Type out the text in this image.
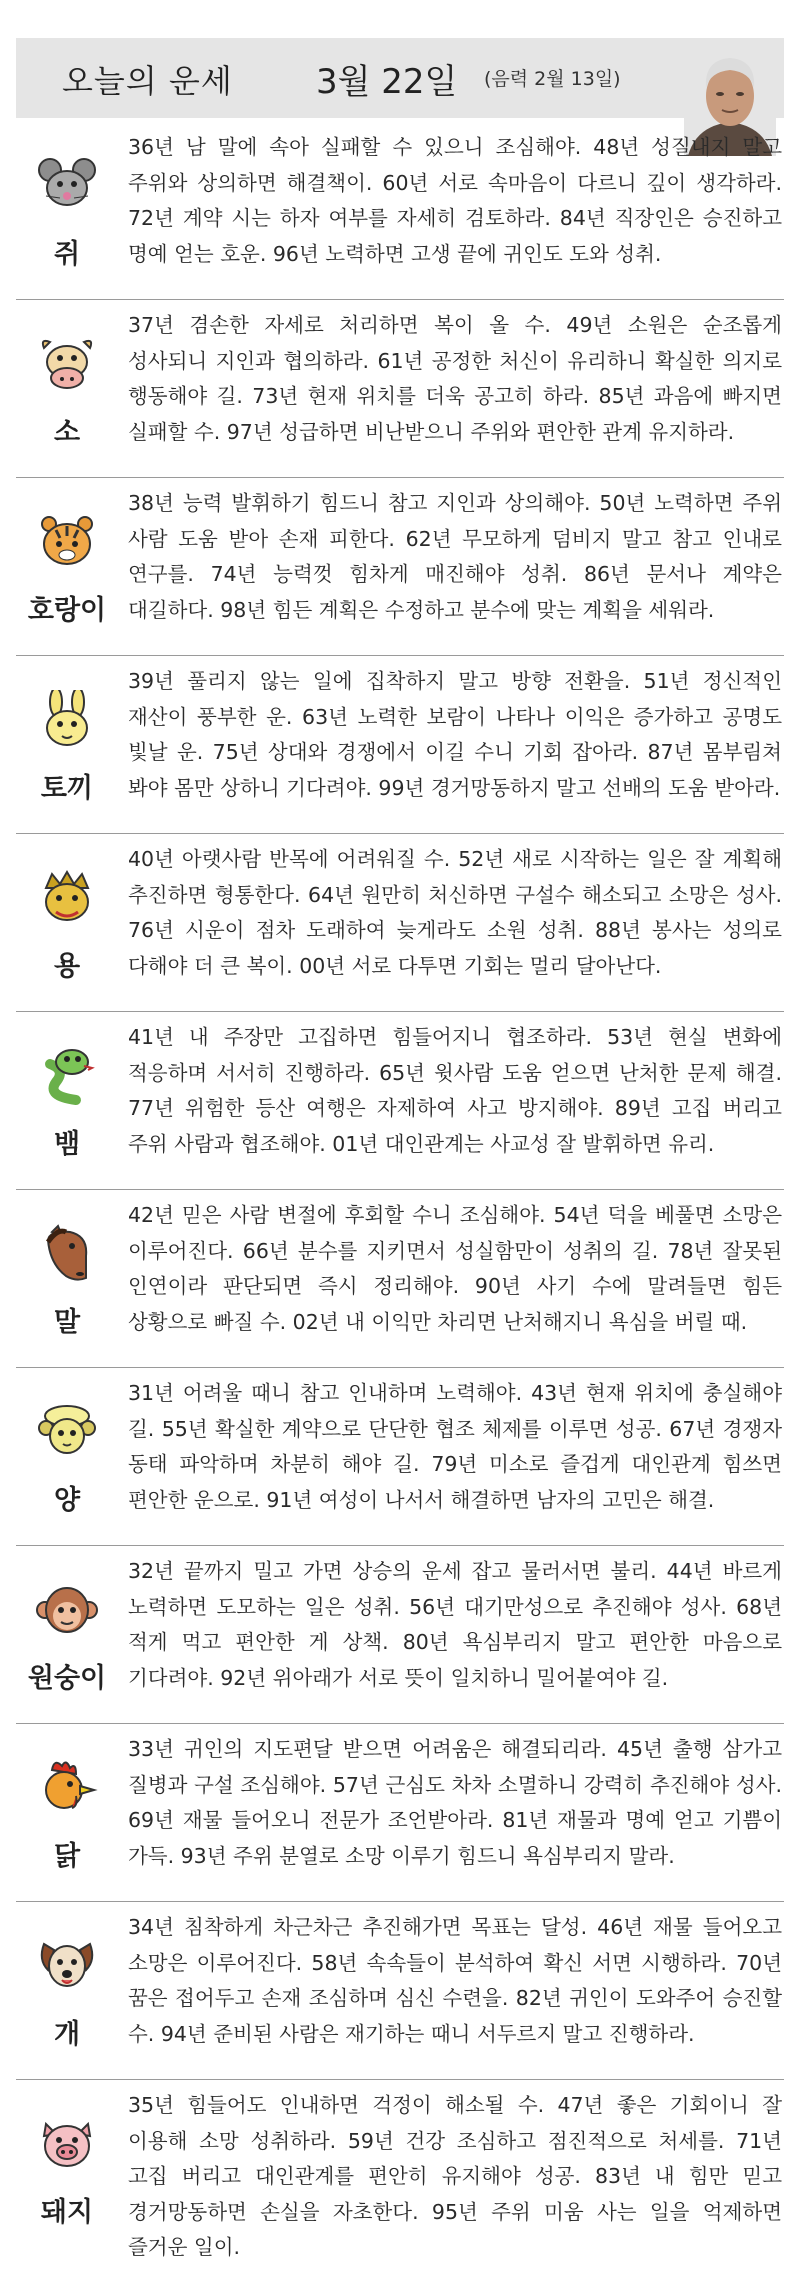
오늘의 운세 3월 22일 (음력 2월 13일)
쥐
36년 남 말에 속아 실패할 수 있으니 조심해야. 48년 성질내지 말고 주위와 상의하면 해결책이. 60년 서로 속마음이 다르니 깊이 생각하라. 72년 계약 시는 하자 여부를 자세히 검토하라. 84년 직장인은 승진하고 명예 얻는 호운. 96년 노력하면 고생 끝에 귀인도 도와 성취.
소
37년 겸손한 자세로 처리하면 복이 올 수. 49년 소원은 순조롭게 성사되니 지인과 협의하라. 61년 공정한 처신이 유리하니 확실한 의지로 행동해야 길. 73년 현재 위치를 더욱 공고히 하라. 85년 과음에 빠지면 실패할 수. 97년 성급하면 비난받으니 주위와 편안한 관계 유지하라.
호랑이
38년 능력 발휘하기 힘드니 참고 지인과 상의해야. 50년 노력하면 주위 사람 도움 받아 손재 피한다. 62년 무모하게 덤비지 말고 참고 인내로 연구를. 74년 능력껏 힘차게 매진해야 성취. 86년 문서나 계약은 대길하다. 98년 힘든 계획은 수정하고 분수에 맞는 계획을 세워라.
토끼
39년 풀리지 않는 일에 집착하지 말고 방향 전환을. 51년 정신적인 재산이 풍부한 운. 63년 노력한 보람이 나타나 이익은 증가하고 공명도 빛날 운. 75년 상대와 경쟁에서 이길 수니 기회 잡아라. 87년 몸부림쳐 봐야 몸만 상하니 기다려야. 99년 경거망동하지 말고 선배의 도움 받아라.
용
40년 아랫사람 반목에 어려워질 수. 52년 새로 시작하는 일은 잘 계획해 추진하면 형통한다. 64년 원만히 처신하면 구설수 해소되고 소망은 성사. 76년 시운이 점차 도래하여 늦게라도 소원 성취. 88년 봉사는 성의로 다해야 더 큰 복이. 00년 서로 다투면 기회는 멀리 달아난다.
뱀
41년 내 주장만 고집하면 힘들어지니 협조하라. 53년 현실 변화에 적응하며 서서히 진행하라. 65년 윗사람 도움 얻으면 난처한 문제 해결. 77년 위험한 등산 여행은 자제하여 사고 방지해야. 89년 고집 버리고 주위 사람과 협조해야. 01년 대인관계는 사교성 잘 발휘하면 유리.
말
42년 믿은 사람 변절에 후회할 수니 조심해야. 54년 덕을 베풀면 소망은 이루어진다. 66년 분수를 지키면서 성실함만이 성취의 길. 78년 잘못된 인연이라 판단되면 즉시 정리해야. 90년 사기 수에 말려들면 힘든 상황으로 빠질 수. 02년 내 이익만 차리면 난처해지니 욕심을 버릴 때.
양
31년 어려울 때니 참고 인내하며 노력해야. 43년 현재 위치에 충실해야 길. 55년 확실한 계약으로 단단한 협조 체제를 이루면 성공. 67년 경쟁자 동태 파악하며 차분히 해야 길. 79년 미소로 즐겁게 대인관계 힘쓰면 편안한 운으로. 91년 여성이 나서서 해결하면 남자의 고민은 해결.
원숭이
32년 끝까지 밀고 가면 상승의 운세 잡고 물러서면 불리. 44년 바르게 노력하면 도모하는 일은 성취. 56년 대기만성으로 추진해야 성사. 68년 적게 먹고 편안한 게 상책. 80년 욕심부리지 말고 편안한 마음으로 기다려야. 92년 위아래가 서로 뜻이 일치하니 밀어붙여야 길.
닭
33년 귀인의 지도편달 받으면 어려움은 해결되리라. 45년 출행 삼가고 질병과 구설 조심해야. 57년 근심도 차차 소멸하니 강력히 추진해야 성사. 69년 재물 들어오니 전문가 조언받아라. 81년 재물과 명예 얻고 기쁨이 가득. 93년 주위 분열로 소망 이루기 힘드니 욕심부리지 말라.
개
34년 침착하게 차근차근 추진해가면 목표는 달성. 46년 재물 들어오고 소망은 이루어진다. 58년 속속들이 분석하여 확신 서면 시행하라. 70년 꿈은 접어두고 손재 조심하며 심신 수련을. 82년 귀인이 도와주어 승진할 수. 94년 준비된 사람은 재기하는 때니 서두르지 말고 진행하라.
돼지
35년 힘들어도 인내하면 걱정이 해소될 수. 47년 좋은 기회이니 잘 이용해 소망 성취하라. 59년 건강 조심하고 점진적으로 처세를. 71년 고집 버리고 대인관계를 편안히 유지해야 성공. 83년 내 힘만 믿고 경거망동하면 손실을 자초한다. 95년 주위 미움 사는 일을 억제하면 즐거운 일이.
